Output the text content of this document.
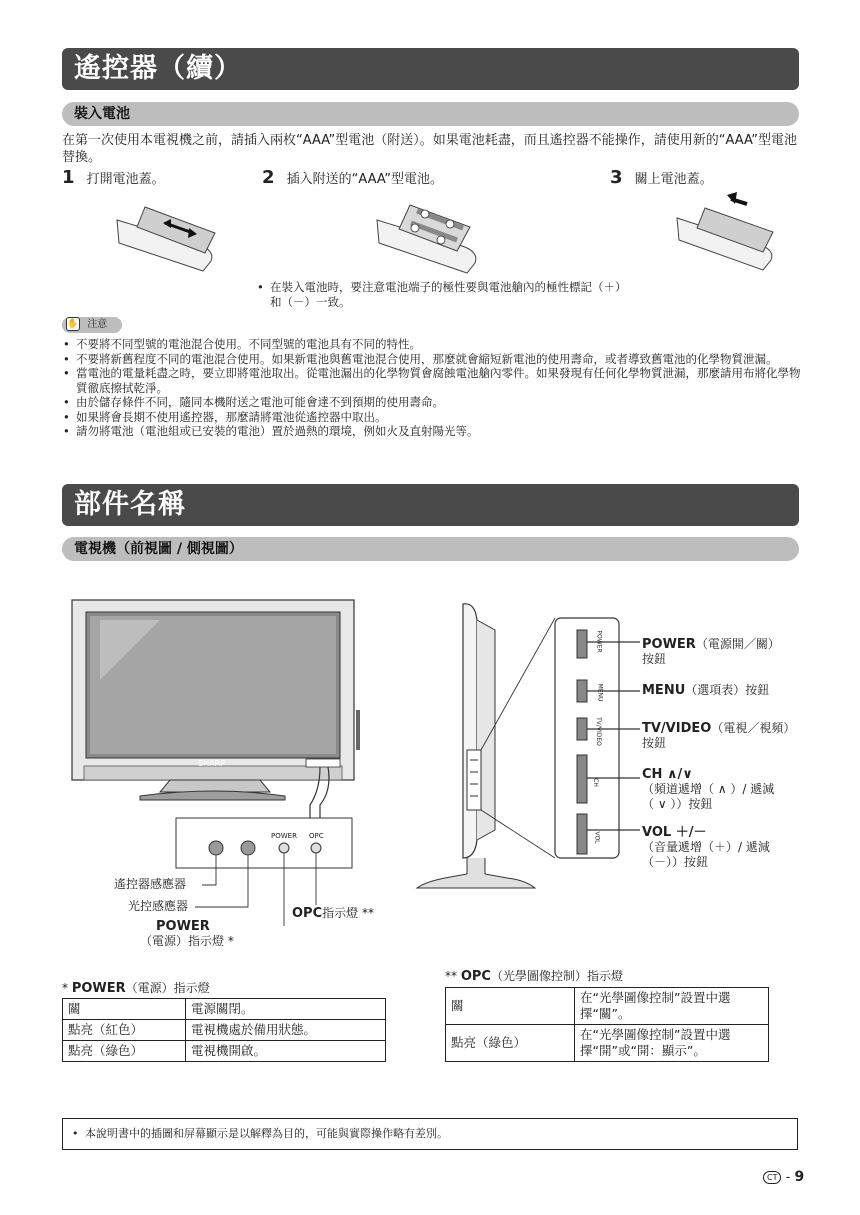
遙控器（續）
裝入電池
在第一次使用本電視機之前，請插入兩枚“AAA”型電池（附送）。如果電池耗盡，而且遙控器不能操作，請使用新的“AAA”型電池替換。
1 打開電池蓋。	2 插入附送的“AAA”型電池。	3 關上電池蓋。
• 在裝入電池時，要注意電池端子的極性要與電池艙內的極性標記（＋）和（－）一致。
✋ 注意
• 不要將不同型號的電池混合使用。不同型號的電池具有不同的特性。
• 不要將新舊程度不同的電池混合使用。如果新電池與舊電池混合使用，那麼就會縮短新電池的使用壽命，或者導致舊電池的化學物質泄漏。
• 當電池的電量耗盡之時，要立即將電池取出。從電池漏出的化學物質會腐蝕電池艙內零件。如果發現有任何化學物質泄漏，那麼請用布將化學物質徹底擦拭乾淨。
• 由於儲存條件不同，隨同本機附送之電池可能會達不到預期的使用壽命。
• 如果將會長期不使用遙控器，那麼請將電池從遙控器中取出。
• 請勿將電池（電池組或已安裝的電池）置於過熱的環境，例如火及直射陽光等。
部件名稱
電視機（前視圖 / 側視圖）
SHARP
POWER OPC
遙控器感應器
光控感應器
POWER
（電源）指示燈 *
OPC指示燈 **
POWER
MENU
TV/VIDEO
CH
VOL
POWER（電源開／關）
按鈕
MENU（選項表）按鈕
TV/VIDEO（電視／視頻）
按鈕
CH ∧/∨
（頻道遞增（ ∧ ）/ 遞減
（ ∨ ））按鈕
VOL ＋/－
（音量遞增（＋）/ 遞減
（－））按鈕
* POWER（電源）指示燈
關	電源關閉。
點亮（紅色）	電視機處於備用狀態。
點亮（綠色）	電視機開啟。
** OPC（光學圖像控制）指示燈
關	在“光學圖像控制”設置中選擇“關”。
點亮（綠色）	在“光學圖像控制”設置中選擇“開”或“開：顯示”。
• 本說明書中的插圖和屏幕顯示是以解釋為目的，可能與實際操作略有差別。
CT - 9
